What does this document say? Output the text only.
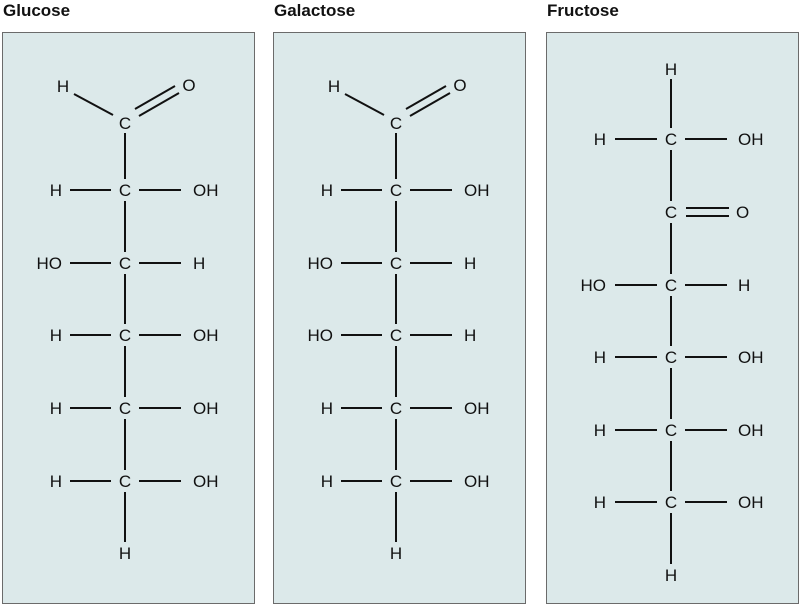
Glucose	Galactose	Fructose
H
C
O
H	C	OH
HO	C	H
H	C	OH
H	C	OH
H	C	OH
H
H
C
O
H	C	OH
HO	C	H
HO	C	H
H	C	OH
H	C	OH
H
H
H	C	OH
C	O
HO	C	H
H	C	OH
H	C	OH
H	C	OH
H
